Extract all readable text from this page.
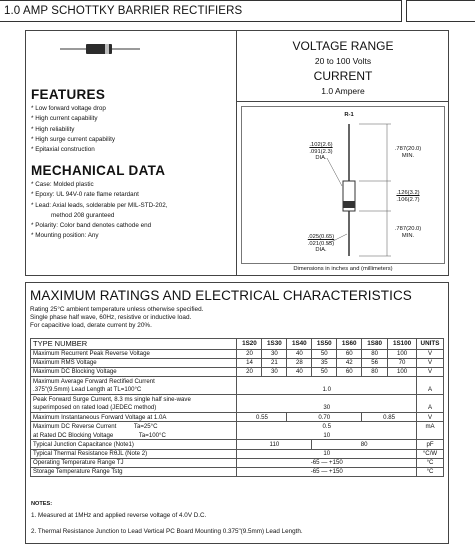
1.0 AMP SCHOTTKY BARRIER RECTIFIERS
VOLTAGE RANGE
20 to 100 Volts
CURRENT
1.0 Ampere
FEATURES
* Low forward voltage drop
* High current capability
* High reliability
* High surge current capability
* Epitaxial construction
MECHANICAL DATA
* Case: Molded plastic
* Epoxy: UL 94V-0 rate flame retardant
* Lead: Axial leads, solderable per MIL-STD-202,
method 208 guranteed
* Polarity: Color band denotes cathode end
* Mounting position: Any
R-1
.102(2.6)
.091(2.3)
DIA.
.787(20.0)
MIN.
.126(3.2)
.106(2.7)
.787(20.0)
MIN.
.025(0.65)
.021(0.55)
DIA.
Dimensions in inches and (millimeters)
MAXIMUM RATINGS AND ELECTRICAL CHARACTERISTICS
Rating 25°C ambient temperature unless otherwise specified.
Single phase half wave, 60Hz, resistive or inductive load.
For capacitive load, derate current by 20%.
TYPE NUMBER	1S20	1S30	1S40	1S50	1S60	1S80	1S100	UNITS
Maximum Recurrent Peak Reverse Voltage	20	30	40	50	60	80	100	V
Maximum RMS Voltage	14	21	28	35	42	56	70	V
Maximum DC Blocking Voltage	20	30	40	50	60	80	100	V
Maximum Average Forward Rectified Current								
.375"(9.5mm) Lead Length at TL=100°C	1.0							A
Peak Forward Surge Current, 8.3 ms single half sine-wave								
superimposed on rated load (JEDEC method)	30							A
Maximum Instantaneous Forward Voltage at 1.0A	0.55		0.70			0.85		V
Maximum DC Reverse Current Ta=25°C	0.5							mA
at Rated DC Blocking Voltage Ta=100°C	10							
Typical Junction Capacitance (Note1)	110			80				pF
Typical Thermal Resistance RθJL (Note 2)	10							°C/W
Operating Temperature Range TJ	-65 — +150							°C
Storage Temperature Range Tstg	-65 — +150							°C
NOTES:
1. Measured at 1MHz and applied reverse voltage of 4.0V D.C.
2. Thermal Resistance Junction to Lead Vertical PC Board Mounting 0.375"(9.5mm) Lead Length.
